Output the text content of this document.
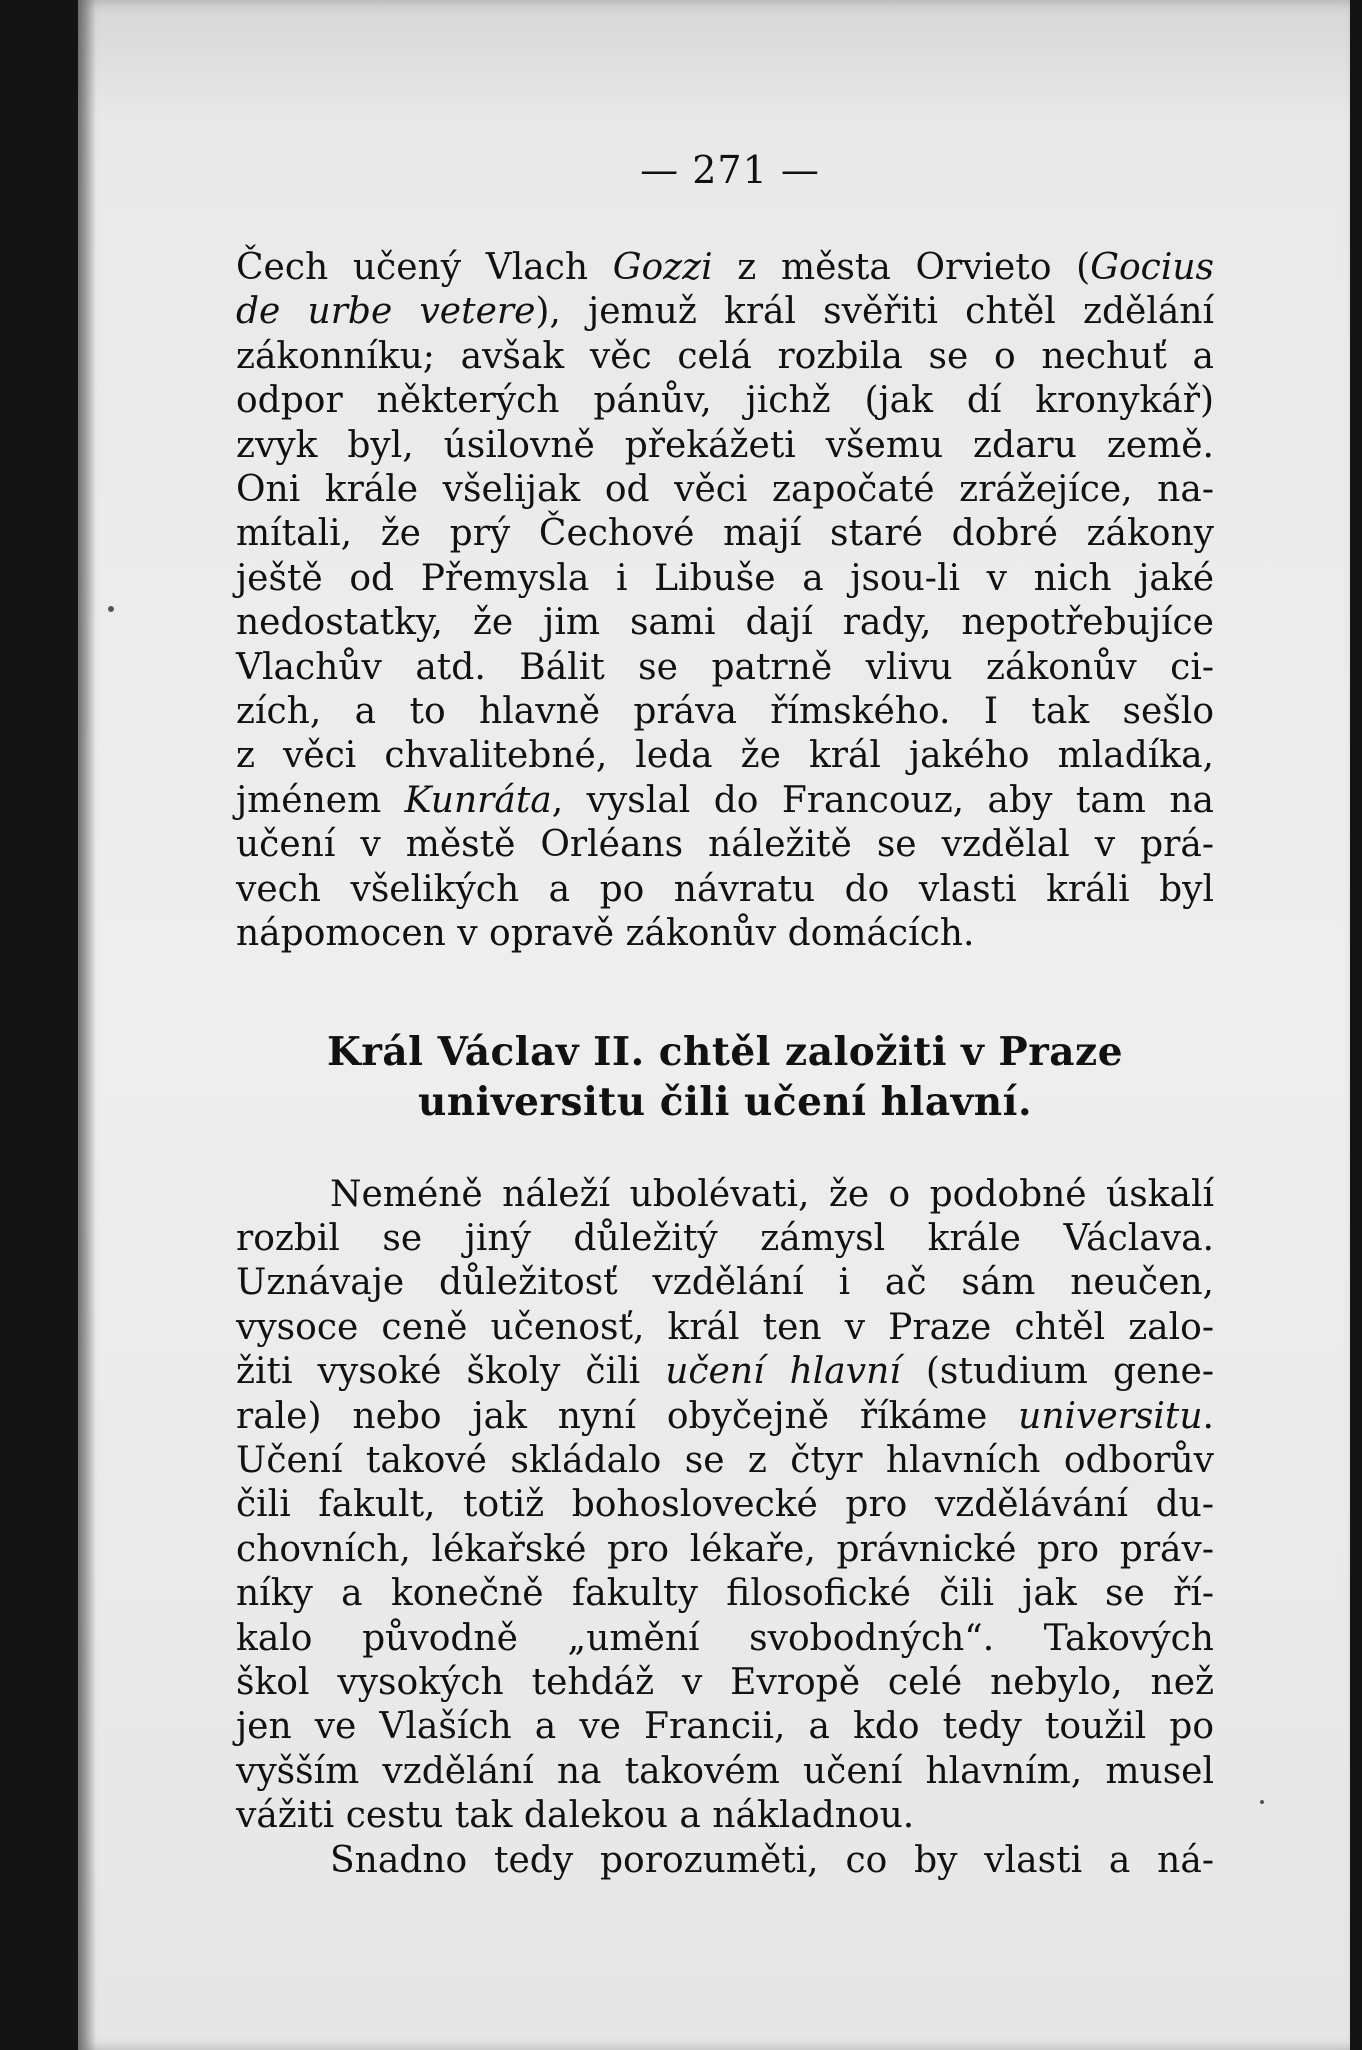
— 271 —
Čech učený Vlach Gozzi z města Orvieto (Gocius
de urbe vetere), jemuž král svěřiti chtěl zdělání
zákonníku; avšak věc celá rozbila se o nechuť a
odpor některých pánův, jichž (jak dí kronykář)
zvyk byl, úsilovně překážeti všemu zdaru země.
Oni krále všelijak od věci započaté zrážejíce, na-
mítali, že prý Čechové mají staré dobré zákony
ještě od Přemysla i Libuše a jsou-li v nich jaké
nedostatky, že jim sami dají rady, nepotřebujíce
Vlachův atd. Bálit se patrně vlivu zákonův ci-
zích, a to hlavně práva římského. I tak sešlo
z věci chvalitebné, leda že král jakého mladíka,
jménem Kunráta, vyslal do Francouz, aby tam na
učení v městě Orléans náležitě se vzdělal v prá-
vech všelikých a po návratu do vlasti králi byl
nápomocen v opravě zákonův domácích.
Král Václav II. chtěl založiti v Praze
universitu čili učení hlavní.
Neméně náleží ubolévati, že o podobné úskalí
rozbil se jiný důležitý zámysl krále Václava.
Uznávaje důležitosť vzdělání i ač sám neučen,
vysoce ceně učenosť, král ten v Praze chtěl zalo-
žiti vysoké školy čili učení hlavní (studium gene-
rale) nebo jak nyní obyčejně říkáme universitu.
Učení takové skládalo se z čtyr hlavních odborův
čili fakult, totiž bohoslovecké pro vzdělávání du-
chovních, lékařské pro lékaře, právnické pro práv-
níky a konečně fakulty filosofické čili jak se ří-
kalo původně „umění svobodných“. Takových
škol vysokých tehdáž v Evropě celé nebylo, než
jen ve Vlaších a ve Francii, a kdo tedy toužil po
vyšším vzdělání na takovém učení hlavním, musel
vážiti cestu tak dalekou a nákladnou.
Snadno tedy porozuměti, co by vlasti a ná-
